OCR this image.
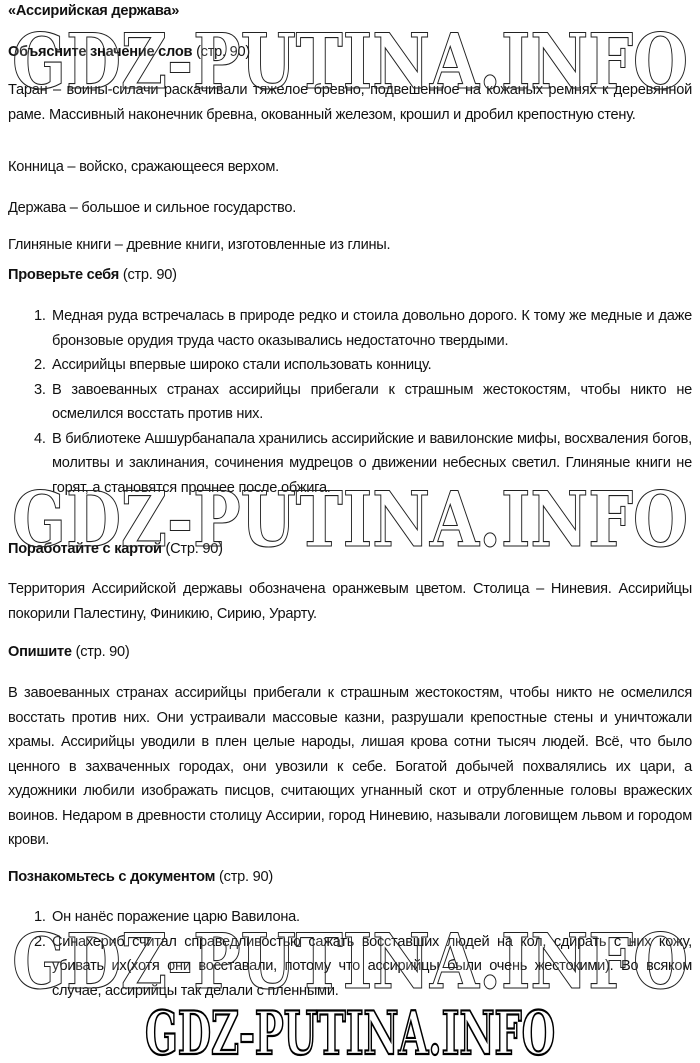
«Ассирийская держава»
Объясните значение слов (стр. 90)
Таран – воины-силачи раскачивали тяжелое бревно, подвешенное на кожаных ремнях к деревянной раме. Массивный наконечник бревна, окованный железом, крошил и дробил крепостную стену.
Конница – войско, сражающееся верхом.
Держава – большое и сильное государство.
Глиняные книги – древние книги, изготовленные из глины.
Проверьте себя (стр. 90)
1. Медная руда встречалась в природе редко и стоила довольно дорого. К тому же медные и даже бронзовые орудия труда часто оказывались недостаточно твердыми.
2. Ассирийцы впервые широко стали использовать конницу.
3. В завоеванных странах ассирийцы прибегали к страшным жестокостям, чтобы никто не осмелился восстать против них.
4. В библиотеке Ашшурбанапала хранились ассирийские и вавилонские мифы, восхваления богов, молитвы и заклинания, сочинения мудрецов о движении небесных светил. Глиняные книги не горят, а становятся прочнее после обжига.
Поработайте с картой (Стр. 90)
Территория Ассирийской державы обозначена оранжевым цветом. Столица – Ниневия. Ассирийцы покорили Палестину, Финикию, Сирию, Урарту.
Опишите (стр. 90)
В завоеванных странах ассирийцы прибегали к страшным жестокостям, чтобы никто не осмелился восстать против них. Они устраивали массовые казни, разрушали крепостные стены и уничтожали храмы. Ассирийцы уводили в плен целые народы, лишая крова сотни тысяч людей. Всё, что было ценного в захваченных городах, они увозили к себе. Богатой добычей похвалялись их цари, а художники любили изображать писцов, считающих угнанный скот и отрубленные головы вражеских воинов. Недаром в древности столицу Ассирии, город Ниневию, называли логовищем львом и городом крови.
Познакомьтесь с документом (стр. 90)
1. Он нанёс поражение царю Вавилона.
2. Синахериб считал справедливостью сажать восставших людей на кол, сдирать с них кожу, убивать их(хотя они восставали, потому что ассирийцы были очень жестокими). Во всяком случае, ассирийцы так делали с пленными.
GDZ-PUTINA.INFO
GDZ-PUTINA.INFO
GDZ-PUTINA.INFO
GDZ-PUTINA.INFO
